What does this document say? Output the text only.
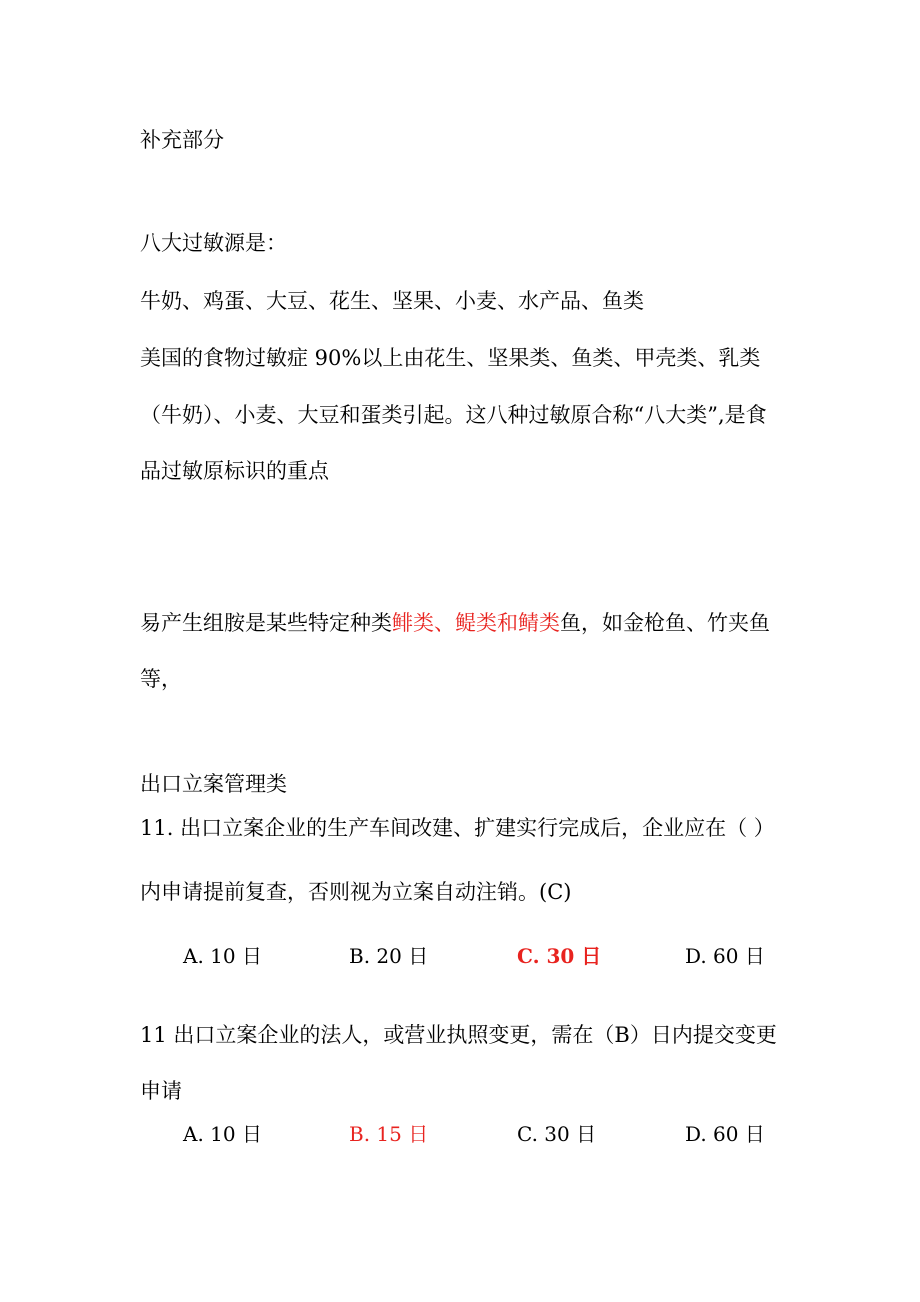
补充部分
八大过敏源是：
牛奶、鸡蛋、大豆、花生、坚果、小麦、水产品、鱼类
美国的食物过敏症 90%以上由花生、坚果类、鱼类、甲壳类、乳类
（牛奶）、小麦、大豆和蛋类引起。这八种过敏原合称“八大类”,是食
品过敏原标识的重点
易产生组胺是某些特定种类鲱类、鳀类和鲭类鱼，如金枪鱼、竹夹鱼
等，
出口立案管理类
11. 出口立案企业的生产车间改建、扩建实行完成后，企业应在（ ）
内申请提前复查，否则视为立案自动注销。(C)
A. 10 日	B. 20 日	C. 30 日	D. 60 日
11 出口立案企业的法人，或营业执照变更，需在（B）日内提交变更
申请
A. 10 日	B. 15 日	C. 30 日	D. 60 日
